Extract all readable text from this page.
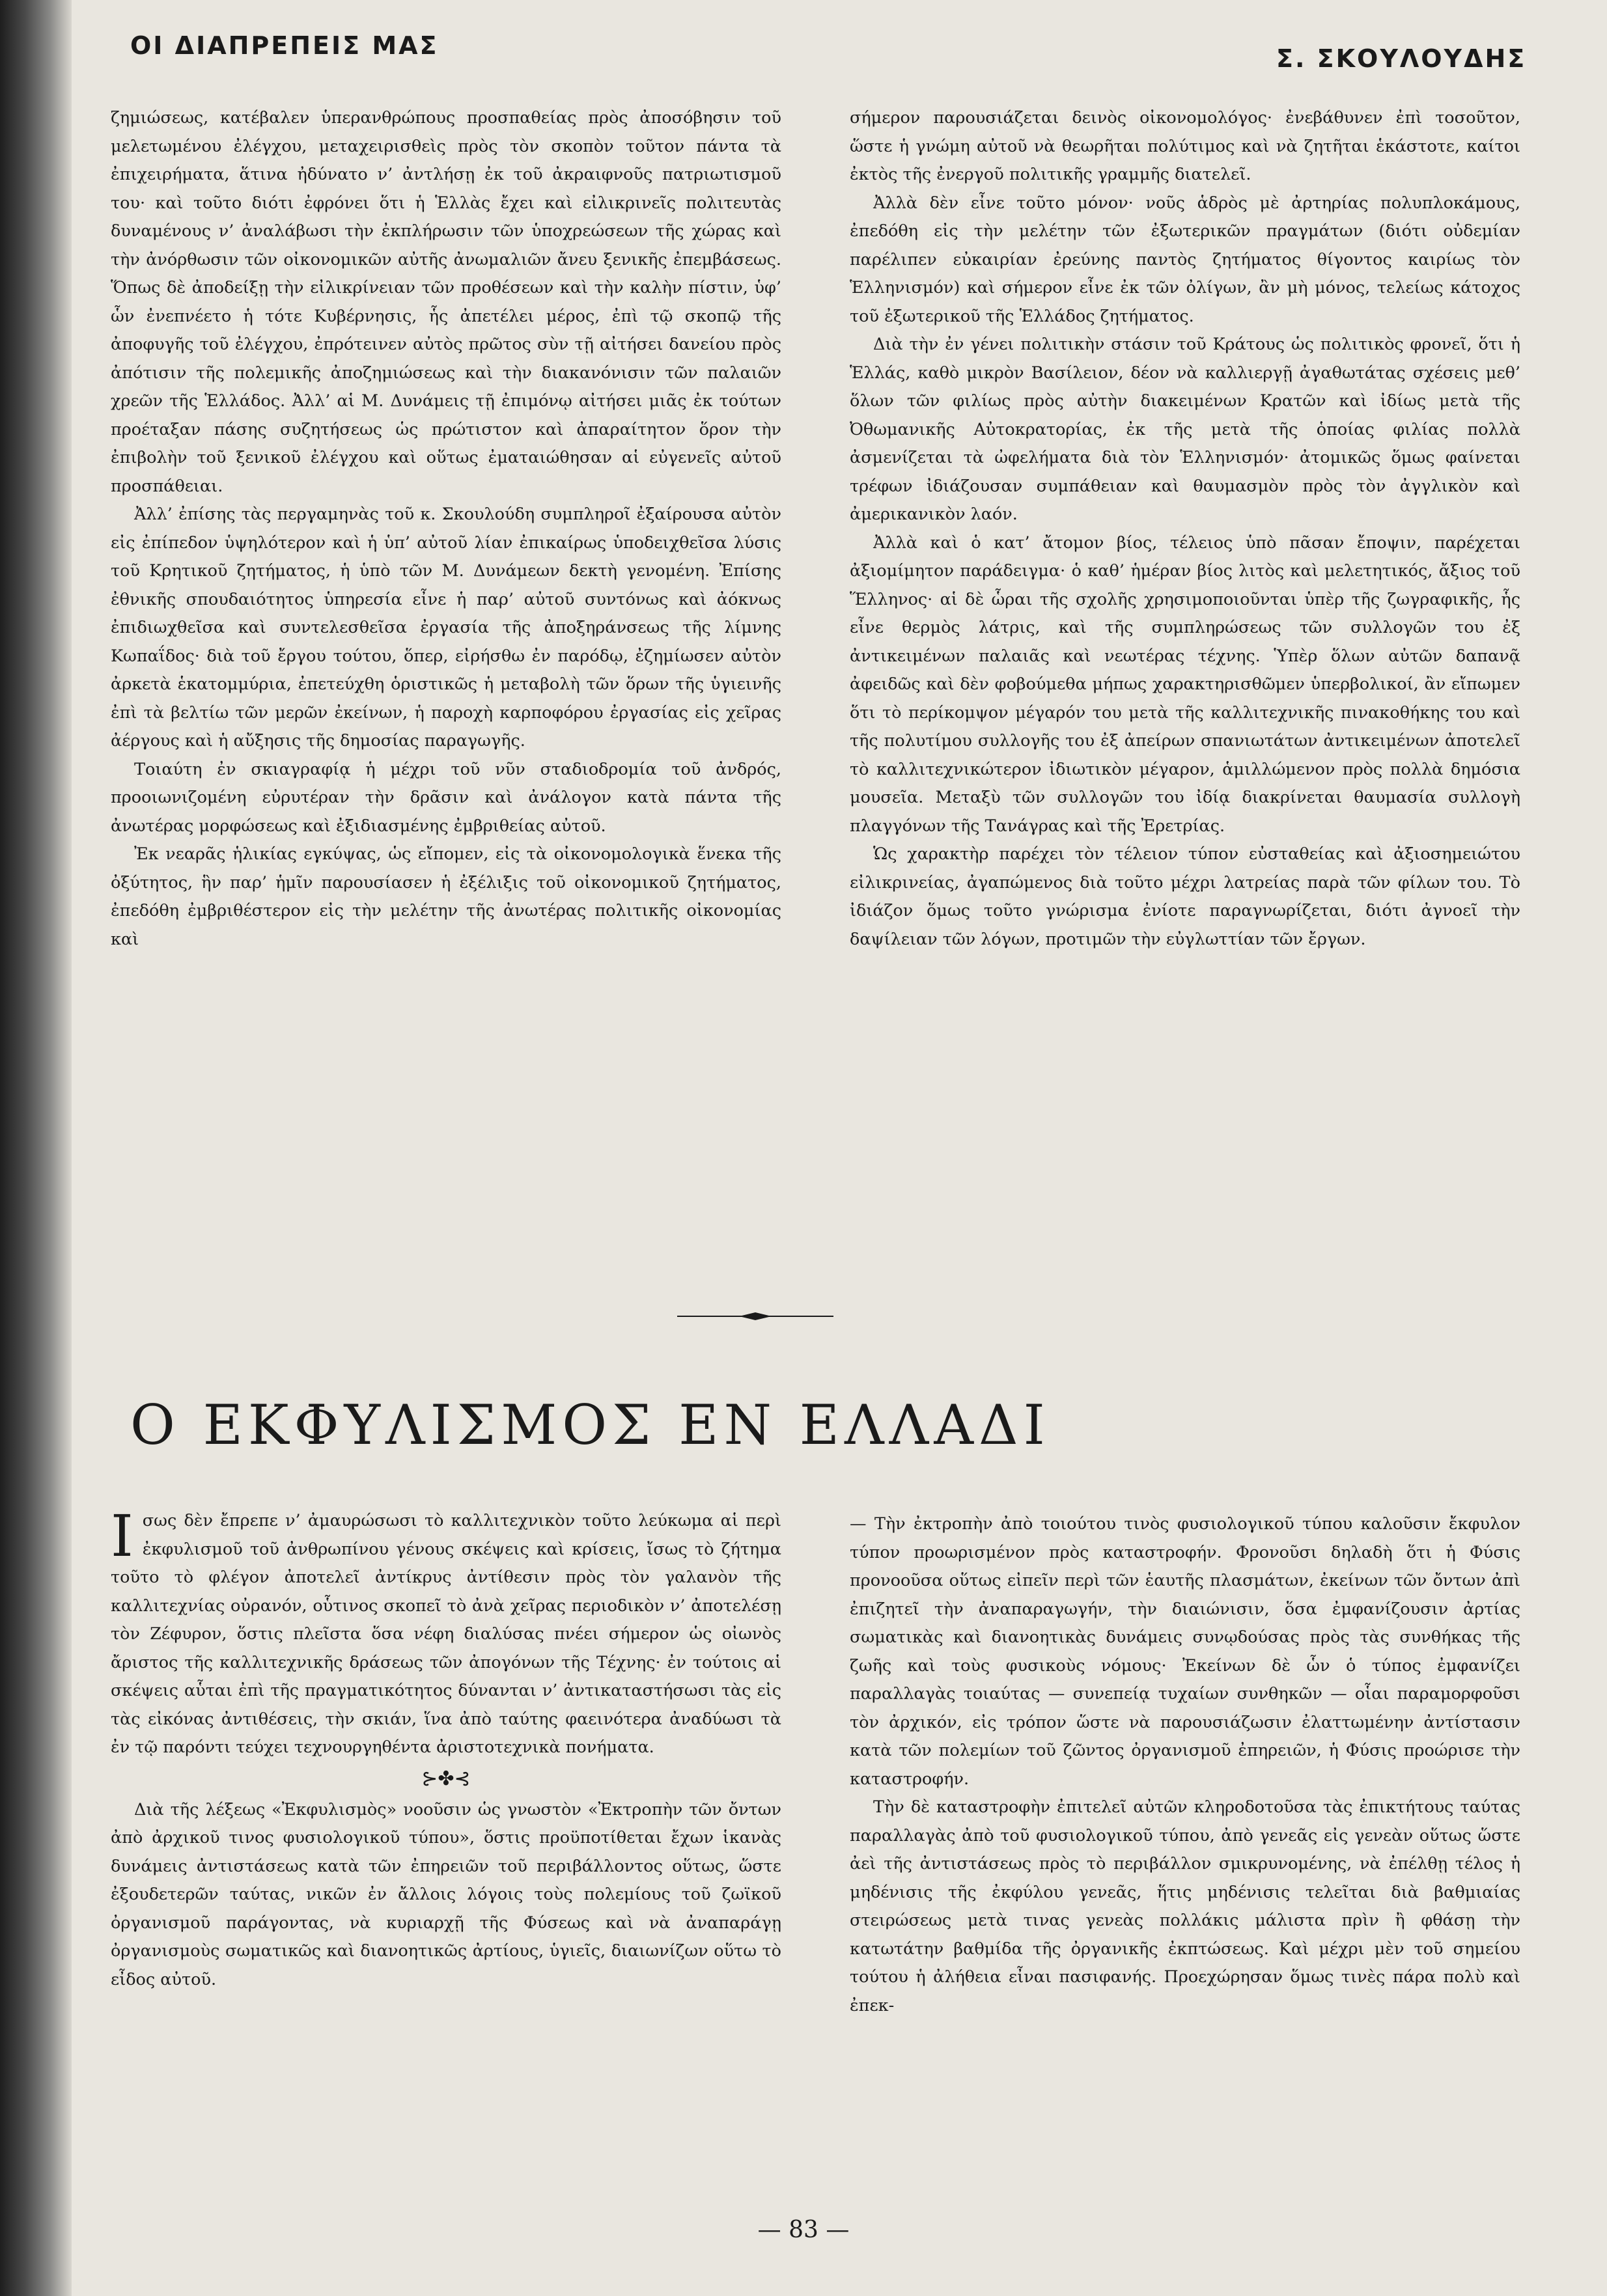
ΟΙ ΔΙΑΠΡΕΠΕΙΣ ΜΑΣ	Σ. ΣΚΟΥΛΟΥΔΗΣ

ζημιώσεως, κατέβαλεν ὑπερανθρώπους προσπαθείας πρὸς ἀποσόβησιν τοῦ μελετωμένου ἐλέγχου, μεταχειρισθεὶς πρὸς τὸν σκοπὸν τοῦτον πάντα τὰ ἐπιχειρήματα, ἅτινα ἠδύνατο ν’ ἀντλήσῃ ἐκ τοῦ ἀκραιφνοῦς πατριωτισμοῦ του· καὶ τοῦτο διότι ἐφρόνει ὅτι ἡ Ἑλλὰς ἔχει καὶ εἰλικρινεῖς πολιτευτὰς δυναμένους ν’ ἀναλάβωσι τὴν ἐκπλήρωσιν τῶν ὑποχρεώσεων τῆς χώρας καὶ τὴν ἀνόρθωσιν τῶν οἰκονομικῶν αὐτῆς ἀνωμαλιῶν ἄνευ ξενικῆς ἐπεμβάσεως. Ὅπως δὲ ἀποδείξῃ τὴν εἰλικρίνειαν τῶν προθέσεων καὶ τὴν καλὴν πίστιν, ὑφ’ ὧν ἐνεπνέετο ἡ τότε Κυβέρνησις, ἧς ἀπετέλει μέρος, ἐπὶ τῷ σκοπῷ τῆς ἀποφυγῆς τοῦ ἐλέγχου, ἐπρότεινεν αὐτὸς πρῶτος σὺν τῇ αἰτήσει δανείου πρὸς ἀπότισιν τῆς πολεμικῆς ἀποζημιώσεως καὶ τὴν διακανόνισιν τῶν παλαιῶν χρεῶν τῆς Ἑλλάδος. Ἀλλ’ αἱ Μ. Δυνάμεις τῇ ἐπιμόνῳ αἰτήσει μιᾶς ἐκ τούτων προέταξαν πάσης συζητήσεως ὡς πρώτιστον καὶ ἀπαραίτητον ὅρον τὴν ἐπιβολὴν τοῦ ξενικοῦ ἐλέγχου καὶ οὕτως ἐματαιώθησαν αἱ εὐγενεῖς αὐτοῦ προσπάθειαι.

Ἀλλ’ ἐπίσης τὰς περγαμηνὰς τοῦ κ. Σκουλούδη συμπληροῖ ἐξαίρουσα αὐτὸν εἰς ἐπίπεδον ὑψηλότερον καὶ ἡ ὑπ’ αὐτοῦ λίαν ἐπικαίρως ὑποδειχθεῖσα λύσις τοῦ Κρητικοῦ ζητήματος, ἡ ὑπὸ τῶν Μ. Δυνάμεων δεκτὴ γενομένη. Ἐπίσης ἐθνικῆς σπουδαιότητος ὑπηρεσία εἶνε ἡ παρ’ αὐτοῦ συντόνως καὶ ἀόκνως ἐπιδιωχθεῖσα καὶ συντελεσθεῖσα ἐργασία τῆς ἀποξηράνσεως τῆς λίμνης Κωπαΐδος· διὰ τοῦ ἔργου τούτου, ὅπερ, εἰρήσθω ἐν παρόδῳ, ἐζημίωσεν αὐτὸν ἀρκετὰ ἑκατομμύρια, ἐπετεύχθη ὁριστικῶς ἡ μεταβολὴ τῶν ὅρων τῆς ὑγιεινῆς ἐπὶ τὰ βελτίω τῶν μερῶν ἐκείνων, ἡ παροχὴ καρποφόρου ἐργασίας εἰς χεῖρας ἀέργους καὶ ἡ αὔξησις τῆς δημοσίας παραγωγῆς.

Τοιαύτη ἐν σκιαγραφίᾳ ἡ μέχρι τοῦ νῦν σταδιοδρομία τοῦ ἀνδρός, προοιωνιζομένη εὐρυτέραν τὴν δρᾶσιν καὶ ἀνάλογον κατὰ πάντα τῆς ἀνωτέρας μορφώσεως καὶ ἐξιδιασμένης ἐμβριθείας αὐτοῦ.

Ἐκ νεαρᾶς ἡλικίας εγκύψας, ὡς εἴπομεν, εἰς τὰ οἰκονομολογικὰ ἕνεκα τῆς ὀξύτητος, ἣν παρ’ ἡμῖν παρουσίασεν ἡ ἐξέλιξις τοῦ οἰκονομικοῦ ζητήματος, ἐπεδόθη ἐμβριθέστερον εἰς τὴν μελέτην τῆς ἀνωτέρας πολιτικῆς οἰκονομίας καὶ

σήμερον παρουσιάζεται δεινὸς οἰκονομολόγος· ἐνεβάθυνεν ἐπὶ τοσοῦτον, ὥστε ἡ γνώμη αὐτοῦ νὰ θεωρῆται πολύτιμος καὶ νὰ ζητῆται ἑκάστοτε, καίτοι ἐκτὸς τῆς ἐνεργοῦ πολιτικῆς γραμμῆς διατελεῖ.

Ἀλλὰ δὲν εἶνε τοῦτο μόνον· νοῦς ἁδρὸς μὲ ἀρτηρίας πολυπλοκάμους, ἐπεδόθη εἰς τὴν μελέτην τῶν ἐξωτερικῶν πραγμάτων (διότι οὐδεμίαν παρέλιπεν εὐκαιρίαν ἐρεύνης παντὸς ζητήματος θίγοντος καιρίως τὸν Ἑλληνισμόν) καὶ σήμερον εἶνε ἐκ τῶν ὀλίγων, ἂν μὴ μόνος, τελείως κάτοχος τοῦ ἐξωτερικοῦ τῆς Ἑλλάδος ζητήματος.

Διὰ τὴν ἐν γένει πολιτικὴν στάσιν τοῦ Κράτους ὡς πολιτικὸς φρονεῖ, ὅτι ἡ Ἑλλάς, καθὸ μικρὸν Βασίλειον, δέον νὰ καλλιεργῇ ἀγαθωτάτας σχέσεις μεθ’ ὅλων τῶν φιλίως πρὸς αὐτὴν διακειμένων Κρατῶν καὶ ἰδίως μετὰ τῆς Ὀθωμανικῆς Αὐτοκρατορίας, ἐκ τῆς μετὰ τῆς ὁποίας φιλίας πολλὰ ἀσμενίζεται τὰ ὠφελήματα διὰ τὸν Ἑλληνισμόν· ἀτομικῶς ὅμως φαίνεται τρέφων ἰδιάζουσαν συμπάθειαν καὶ θαυμασμὸν πρὸς τὸν ἀγγλικὸν καὶ ἀμερικανικὸν λαόν.

Ἀλλὰ καὶ ὁ κατ’ ἄτομον βίος, τέλειος ὑπὸ πᾶσαν ἔποψιν, παρέχεται ἀξιομίμητον παράδειγμα· ὁ καθ’ ἡμέραν βίος λιτὸς καὶ μελετητικός, ἄξιος τοῦ Ἕλληνος· αἱ δὲ ὧραι τῆς σχολῆς χρησιμοποιοῦνται ὑπὲρ τῆς ζωγραφικῆς, ἧς εἶνε θερμὸς λάτρις, καὶ τῆς συμπληρώσεως τῶν συλλογῶν του ἐξ ἀντικειμένων παλαιᾶς καὶ νεωτέρας τέχνης. Ὑπὲρ ὅλων αὐτῶν δαπανᾷ ἀφειδῶς καὶ δὲν φοβούμεθα μήπως χαρακτηρισθῶμεν ὑπερβολικοί, ἂν εἴπωμεν ὅτι τὸ περίκομψον μέγαρόν του μετὰ τῆς καλλιτεχνικῆς πινακοθήκης του καὶ τῆς πολυτίμου συλλογῆς του ἐξ ἀπείρων σπανιωτάτων ἀντικειμένων ἀποτελεῖ τὸ καλλιτεχνικώτερον ἰδιωτικὸν μέγαρον, ἁμιλλώμενον πρὸς πολλὰ δημόσια μουσεῖα. Μεταξὺ τῶν συλλογῶν του ἰδίᾳ διακρίνεται θαυμασία συλλογὴ πλαγγόνων τῆς Τανάγρας καὶ τῆς Ἐρετρίας.

Ὡς χαρακτὴρ παρέχει τὸν τέλειον τύπον εὐσταθείας καὶ ἀξιοσημειώτου εἰλικρινείας, ἀγαπώμενος διὰ τοῦτο μέχρι λατρείας παρὰ τῶν φίλων του. Τὸ ἰδιάζον ὅμως τοῦτο γνώρισμα ἐνίοτε παραγνωρίζεται, διότι ἀγνοεῖ τὴν δαψίλειαν τῶν λόγων, προτιμῶν τὴν εὐγλωττίαν τῶν ἔργων.

Ο ΕΚΦΥΛΙΣΜΟΣ ΕΝ ΕΛΛΑΔΙ

Ισως δὲν ἔπρεπε ν’ ἀμαυρώσωσι τὸ καλλιτεχνικὸν τοῦτο λεύκωμα αἱ περὶ ἐκφυλισμοῦ τοῦ ἀνθρωπίνου γένους σκέψεις καὶ κρίσεις, ἴσως τὸ ζήτημα τοῦτο τὸ φλέγον ἀποτελεῖ ἀντίκρυς ἀντίθεσιν πρὸς τὸν γαλανὸν τῆς καλλιτεχνίας οὐρανόν, οὗτινος σκοπεῖ τὸ ἀνὰ χεῖρας περιοδικὸν ν’ ἀποτελέσῃ τὸν Ζέφυρον, ὅστις πλεῖστα ὅσα νέφη διαλύσας πνέει σήμερον ὡς οἰωνὸς ἄριστος τῆς καλλιτεχνικῆς δράσεως τῶν ἀπογόνων τῆς Τέχνης· ἐν τούτοις αἱ σκέψεις αὗται ἐπὶ τῆς πραγματικότητος δύνανται ν’ ἀντικαταστήσωσι τὰς εἰς τὰς εἰκόνας ἀντιθέσεις, τὴν σκιάν, ἵνα ἀπὸ ταύτης φαεινότερα ἀναδύωσι τὰ ἐν τῷ παρόντι τεύχει τεχνουργηθέντα ἀριστοτεχνικὰ πονήματα.

⊱✤⊰

Διὰ τῆς λέξεως «Ἐκφυλισμὸς» νοοῦσιν ὡς γνωστὸν «Ἐκτροπὴν τῶν ὄντων ἀπὸ ἀρχικοῦ τινος φυσιολογικοῦ τύπου», ὅστις προϋποτίθεται ἔχων ἱκανὰς δυνάμεις ἀντιστάσεως κατὰ τῶν ἐπηρειῶν τοῦ περιβάλλοντος οὕτως, ὥστε ἐξουδετερῶν ταύτας, νικῶν ἐν ἄλλοις λόγοις τοὺς πολεμίους τοῦ ζωϊκοῦ ὀργανισμοῦ παράγοντας, νὰ κυριαρχῇ τῆς Φύσεως καὶ νὰ ἀναπαράγῃ ὀργανισμοὺς σωματικῶς καὶ διανοητικῶς ἀρτίους, ὑγιεῖς, διαιωνίζων οὕτω τὸ εἶδος αὐτοῦ.

— Τὴν ἐκτροπὴν ἀπὸ τοιούτου τινὸς φυσιολογικοῦ τύπου καλοῦσιν ἔκφυλον τύπον προωρισμένον πρὸς καταστροφήν. Φρονοῦσι δηλαδὴ ὅτι ἡ Φύσις προνοοῦσα οὕτως εἰπεῖν περὶ τῶν ἑαυτῆς πλασμάτων, ἐκείνων τῶν ὄντων ἀπὶ ἐπιζητεῖ τὴν ἀναπαραγωγήν, τὴν διαιώνισιν, ὅσα ἐμφανίζουσιν ἀρτίας σωματικὰς καὶ διανοητικὰς δυνάμεις συνῳδούσας πρὸς τὰς συνθήκας τῆς ζωῆς καὶ τοὺς φυσικοὺς νόμους· Ἐκείνων δὲ ὧν ὁ τύπος ἐμφανίζει παραλλαγὰς τοιαύτας — συνεπείᾳ τυχαίων συνθηκῶν — οἷαι παραμορφοῦσι τὸν ἀρχικόν, εἰς τρόπον ὥστε νὰ παρουσιάζωσιν ἐλαττωμένην ἀντίστασιν κατὰ τῶν πολεμίων τοῦ ζῶντος ὀργανισμοῦ ἐπηρειῶν, ἡ Φύσις προώρισε τὴν καταστροφήν.

Τὴν δὲ καταστροφὴν ἐπιτελεῖ αὐτῶν κληροδοτοῦσα τὰς ἐπικτήτους ταύτας παραλλαγὰς ἀπὸ τοῦ φυσιολογικοῦ τύπου, ἀπὸ γενεᾶς εἰς γενεὰν οὕτως ὥστε ἀεὶ τῆς ἀντιστάσεως πρὸς τὸ περιβάλλον σμικρυνομένης, νὰ ἐπέλθῃ τέλος ἡ μηδένισις τῆς ἐκφύλου γενεᾶς, ἥτις μηδένισις τελεῖται διὰ βαθμιαίας στειρώσεως μετὰ τινας γενεὰς πολλάκις μάλιστα πρὶν ἢ φθάσῃ τὴν κατωτάτην βαθμίδα τῆς ὀργανικῆς ἐκπτώσεως. Καὶ μέχρι μὲν τοῦ σημείου τούτου ἡ ἀλήθεια εἶναι πασιφανής. Προεχώρησαν ὅμως τινὲς πάρα πολὺ καὶ ἐπεκ-

— 83 —
